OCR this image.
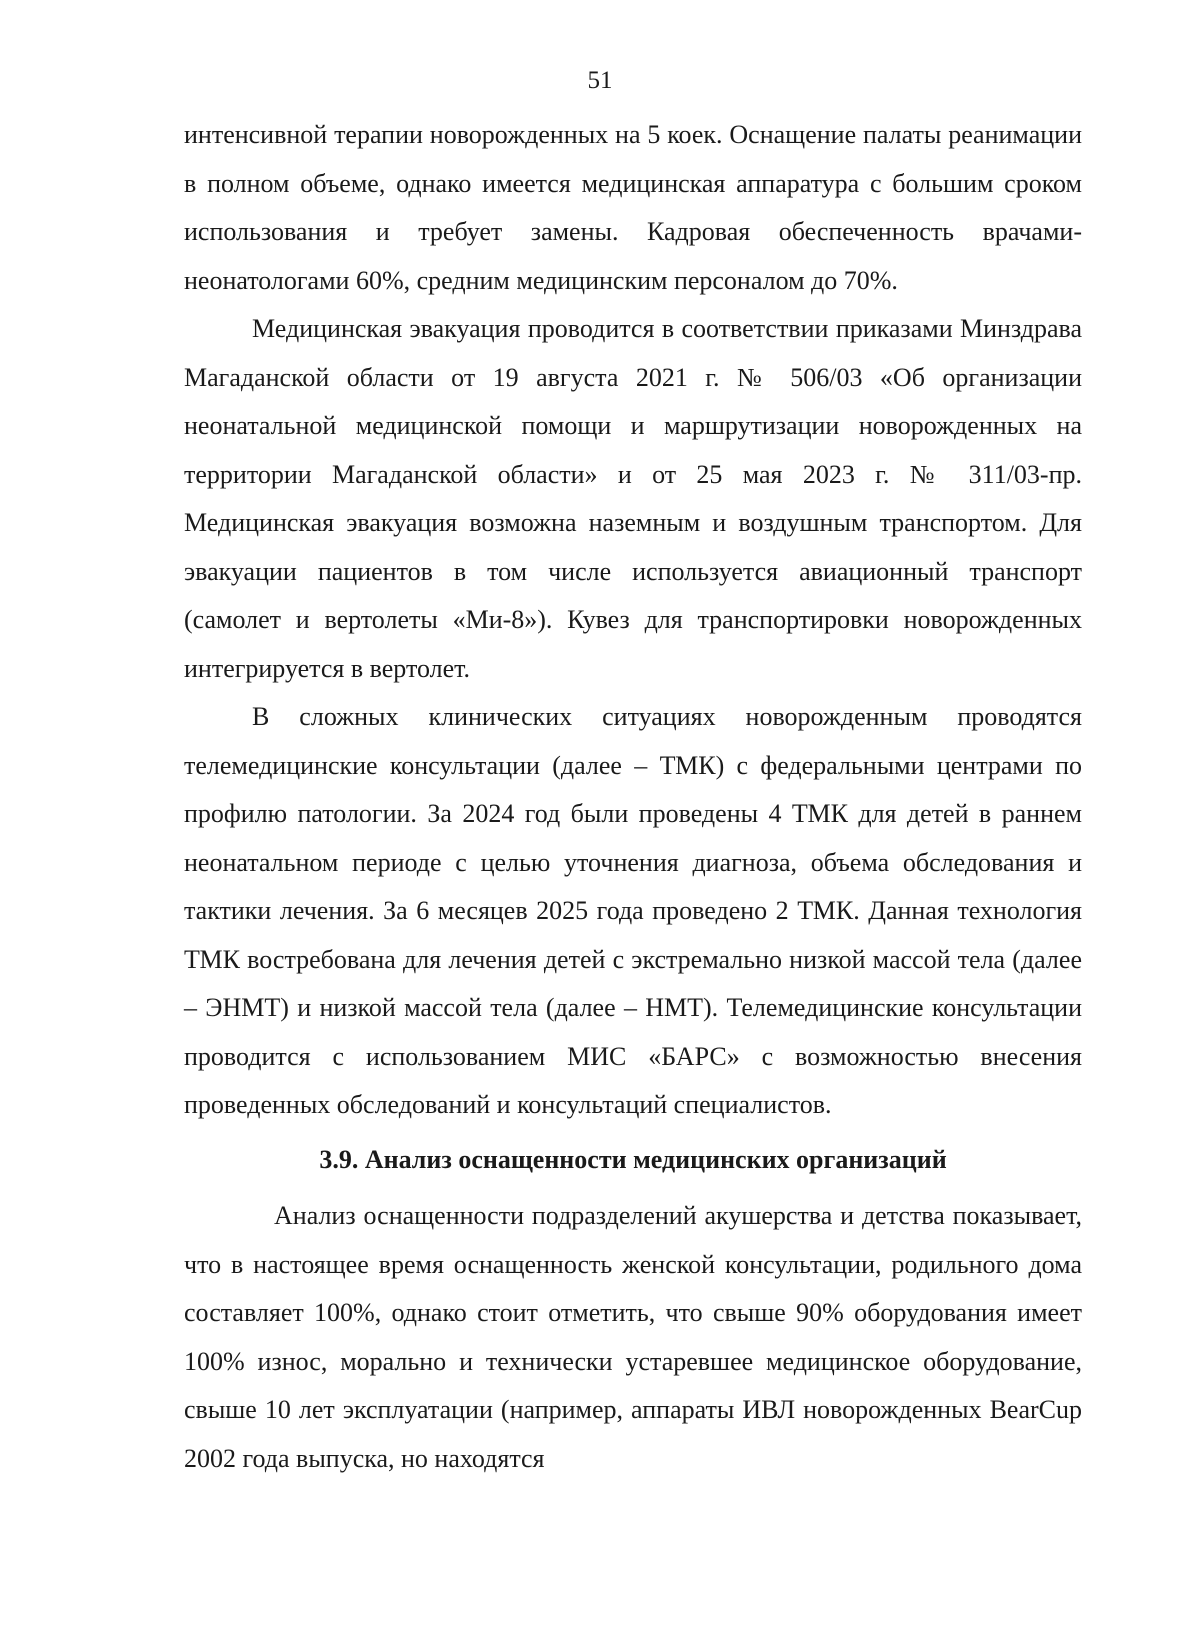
51

интенсивной терапии новорожденных на 5 коек. Оснащение палаты реанимации в полном объеме, однако имеется медицинская аппаратура с большим сроком использования и требует замены. Кадровая обеспеченность врачами-неонатологами 60%, средним медицинским персоналом до 70%.

Медицинская эвакуация проводится в соответствии приказами Минздрава Магаданской области от 19 августа 2021 г. № 506/03 «Об организации неонатальной медицинской помощи и маршрутизации новорожденных на территории Магаданской области» и от 25 мая 2023 г. № 311/03-пр. Медицинская эвакуация возможна наземным и воздушным транспортом. Для эвакуации пациентов в том числе используется авиационный транспорт (самолет и вертолеты «Ми-8»). Кувез для транспортировки новорожденных интегрируется в вертолет.

В сложных клинических ситуациях новорожденным проводятся телемедицинские консультации (далее – ТМК) с федеральными центрами по профилю патологии. За 2024 год были проведены 4 ТМК для детей в раннем неонатальном периоде с целью уточнения диагноза, объема обследования и тактики лечения. За 6 месяцев 2025 года проведено 2 ТМК. Данная технология ТМК востребована для лечения детей с экстремально низкой массой тела (далее – ЭНМТ) и низкой массой тела (далее – НМТ). Телемедицинские консультации проводится с использованием МИС «БАРС» с возможностью внесения проведенных обследований и консультаций специалистов.

3.9. Анализ оснащенности медицинских организаций

Анализ оснащенности подразделений акушерства и детства показывает, что в настоящее время оснащенность женской консультации, родильного дома составляет 100%, однако стоит отметить, что свыше 90% оборудования имеет 100% износ, морально и технически устаревшее медицинское оборудование, свыше 10 лет эксплуатации (например, аппараты ИВЛ новорожденных BearCup 2002 года выпуска, но находятся
